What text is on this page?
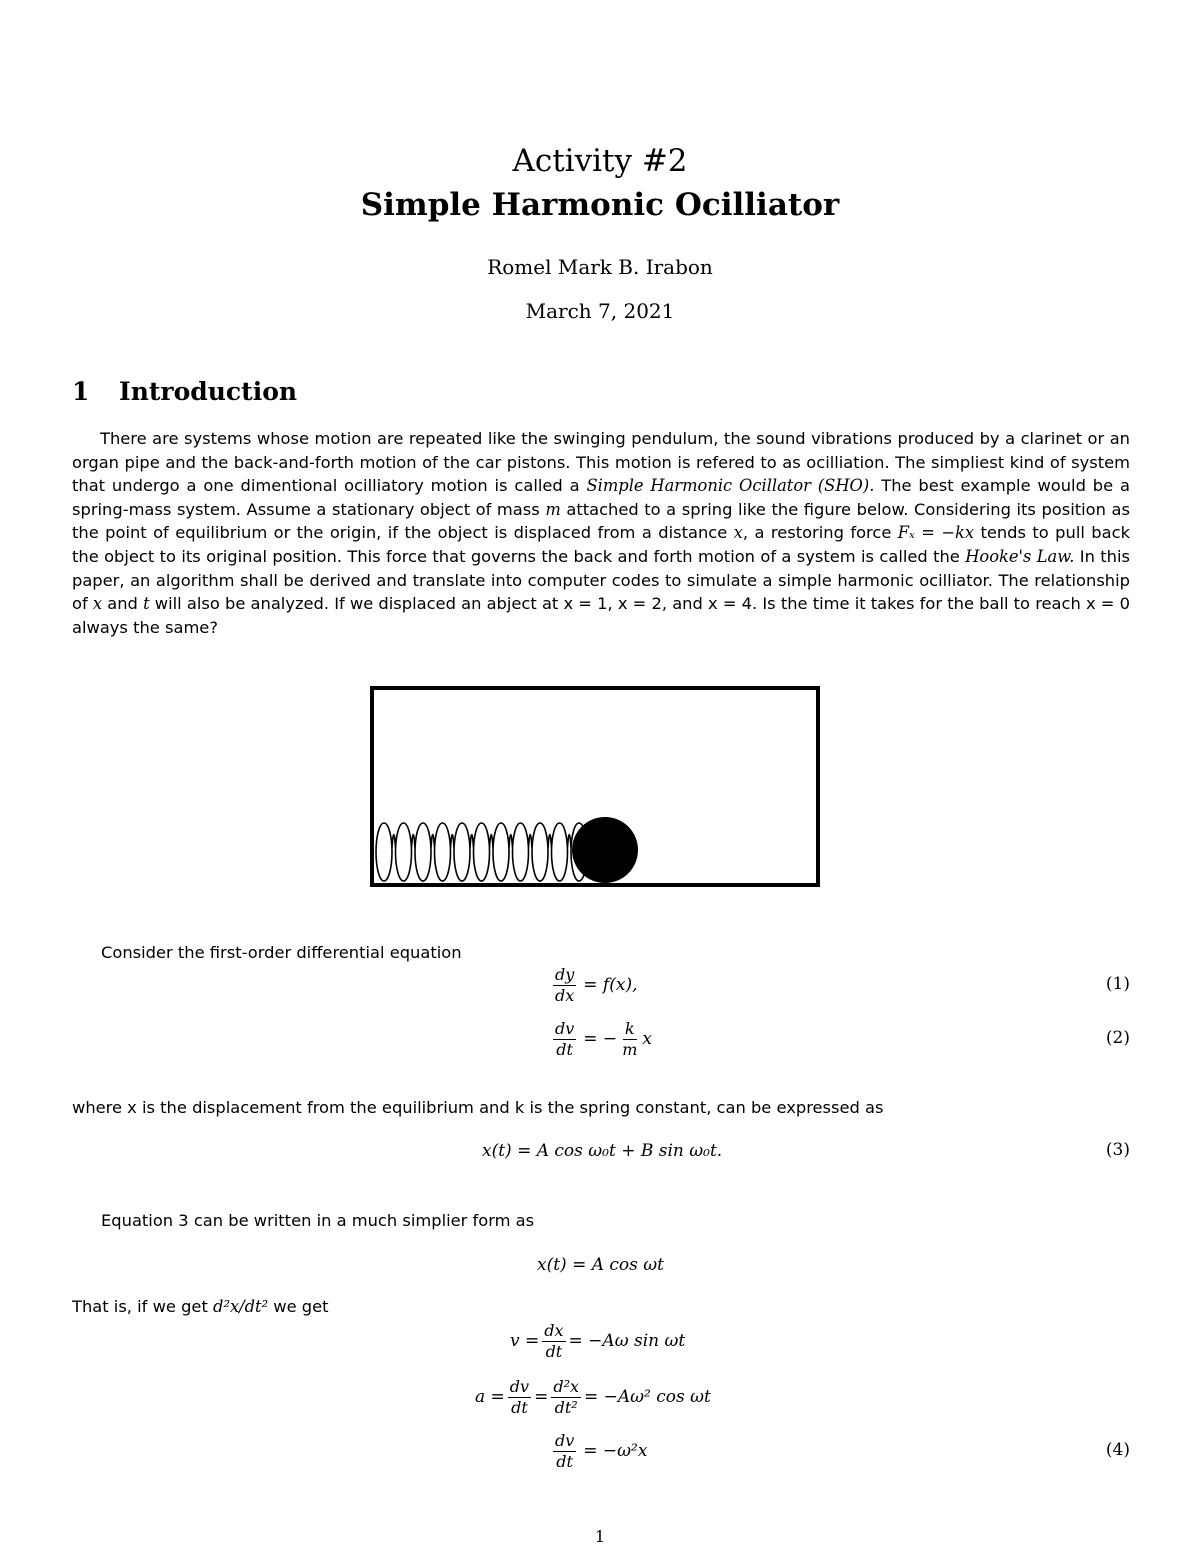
Activity #2
Simple Harmonic Ocilliator
Romel Mark B. Irabon
March 7, 2021
1 Introduction

There are systems whose motion are repeated like the swinging pendulum, the sound vibrations produced by a clarinet or an organ pipe and the back-and-forth motion of the car pistons. This motion is refered to as ocilliation. The simpliest kind of system that undergo a one dimentional ocilliatory motion is called a Simple Harmonic Ocillator (SHO). The best example would be a spring-mass system. Assume a stationary object of mass m attached to a spring like the figure below. Considering its position as the point of equilibrium or the origin, if the object is displaced from a distance x, a restoring force Fₓ = −kx tends to pull back the object to its original position. This force that governs the back and forth motion of a system is called the Hooke's Law. In this paper, an algorithm shall be derived and translate into computer codes to simulate a simple harmonic ocilliator. The relationship of x and t will also be analyzed. If we displaced an abject at x = 1, x = 2, and x = 4. Is the time it takes for the ball to reach x = 0 always the same?

Consider the first-order differential equation
$\frac{dy}{dx} = f(x)$,	(1)
$\frac{dv}{dt}$ = − $\frac{k}{m}$ x	(2)
where x is the displacement from the equilibrium and k is the spring constant, can be expressed as
x(t) = A cos ω₀t + B sin ω₀t.	(3)
Equation 3 can be written in a much simplier form as
x(t) = A cos ωt
That is, if we get d²x/dt² we get
$v = \frac{dx}{dt} = -A\omega$ sin ωt
$a = \frac{dv}{dt} = \frac{\text{d²x}}{\text{dt²}} = -A\omega^2$ cos ωt
$\frac{dv}{dt} = -\omega^2x$	(4)
1
